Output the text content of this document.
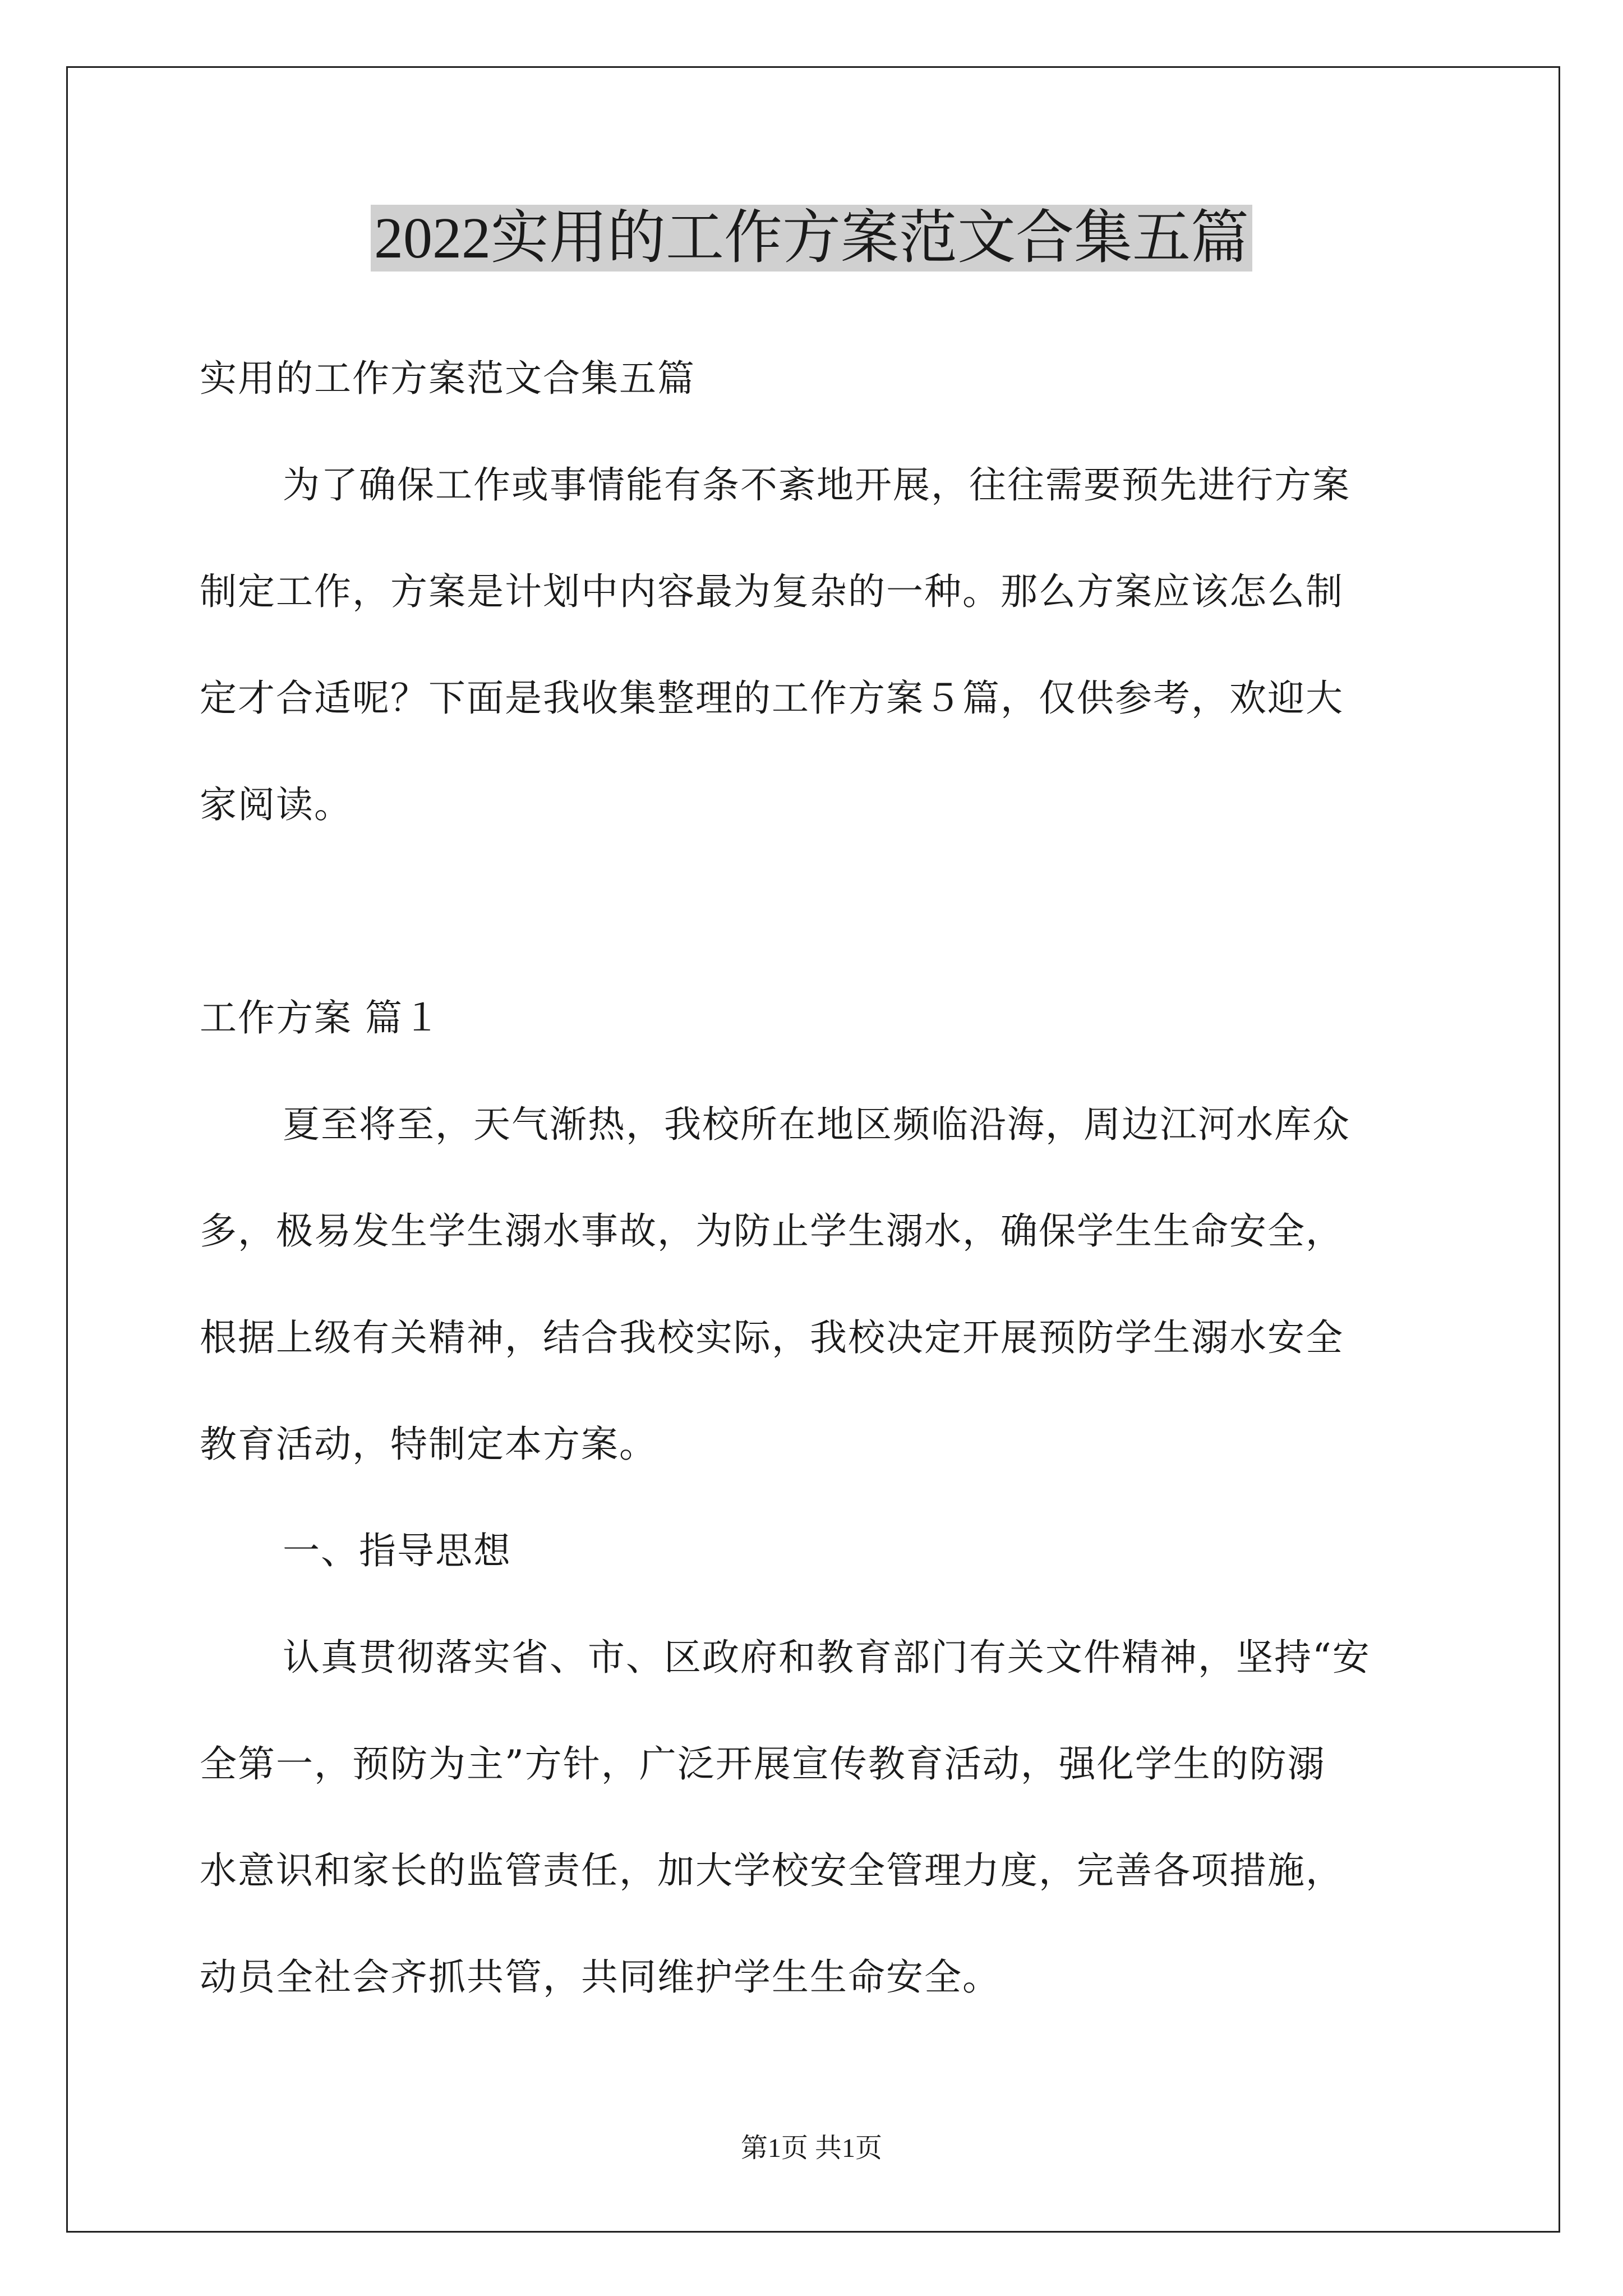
2022实用的工作方案范文合集五篇
实用的工作方案范文合集五篇
为了确保工作或事情能有条不紊地开展，往往需要预先进行方案
制定工作，方案是计划中内容最为复杂的一种。那么方案应该怎么制
定才合适呢？下面是我收集整理的工作方案５篇，仅供参考，欢迎大
家阅读。
工作方案 篇１
夏至将至，天气渐热，我校所在地区频临沿海，周边江河水库众
多，极易发生学生溺水事故，为防止学生溺水，确保学生生命安全，
根据上级有关精神，结合我校实际，我校决定开展预防学生溺水安全
教育活动，特制定本方案。
一、指导思想
认真贯彻落实省、市、区政府和教育部门有关文件精神，坚持“安
全第一，预防为主”方针，广泛开展宣传教育活动，强化学生的防溺
水意识和家长的监管责任，加大学校安全管理力度，完善各项措施，
动员全社会齐抓共管，共同维护学生生命安全。
第1页 共1页
